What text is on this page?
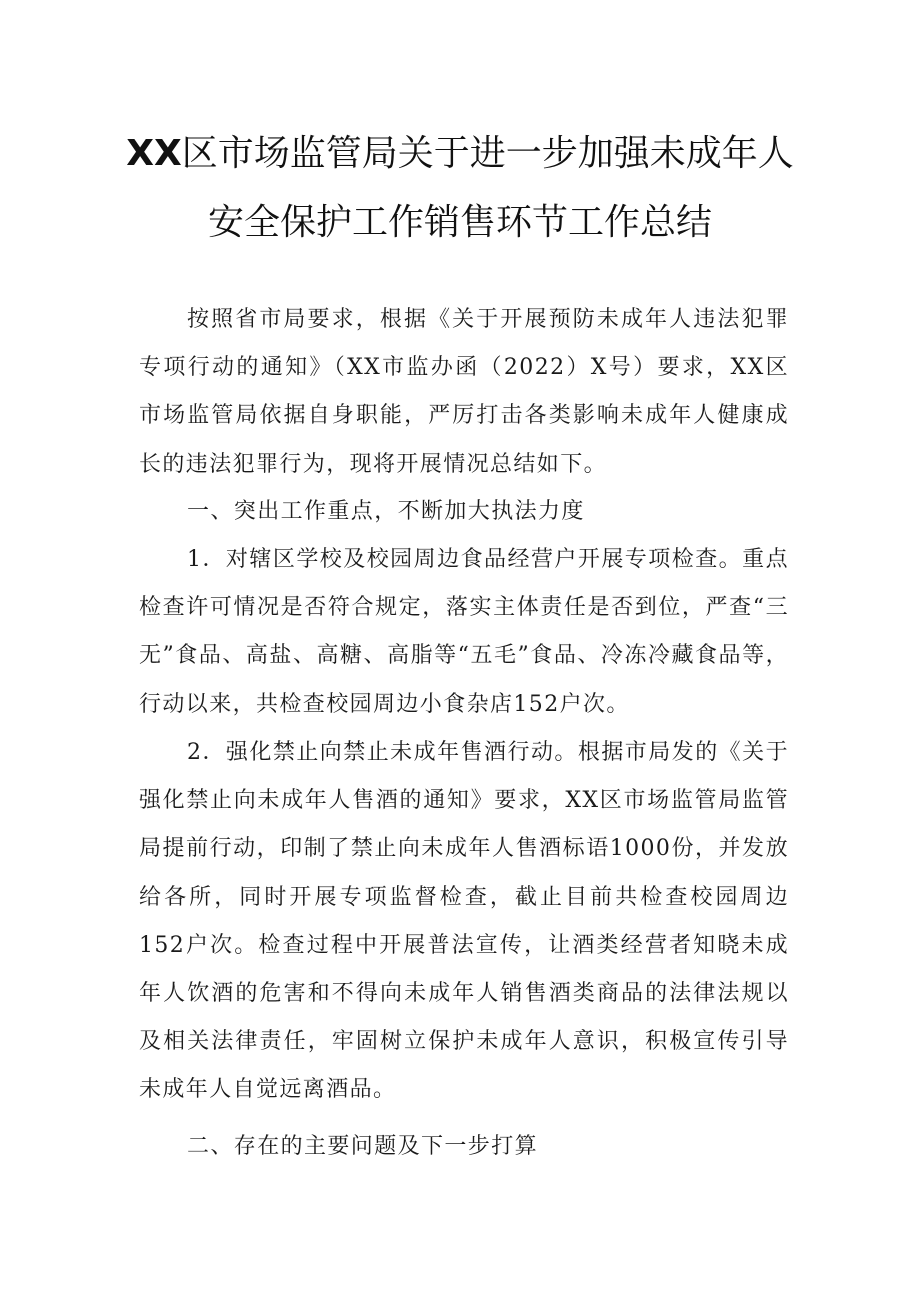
XX区市场监管局关于进一步加强未成年人
安全保护工作销售环节工作总结

按照省市局要求，根据《关于开展预防未成年人违法犯罪专项行动的通知》（XX市监办函（2022）X号）要求，XX区市场监管局依据自身职能，严厉打击各类影响未成年人健康成长的违法犯罪行为，现将开展情况总结如下。

一、突出工作重点，不断加大执法力度

1．对辖区学校及校园周边食品经营户开展专项检查。重点检查许可情况是否符合规定，落实主体责任是否到位，严查“三无”食品、高盐、高糖、高脂等“五毛”食品、冷冻冷藏食品等，行动以来，共检查校园周边小食杂店152户次。

2．强化禁止向禁止未成年售酒行动。根据市局发的《关于强化禁止向未成年人售酒的通知》要求，XX区市场监管局监管局提前行动，印制了禁止向未成年人售酒标语1000份，并发放给各所，同时开展专项监督检查，截止目前共检查校园周边152户次。检查过程中开展普法宣传，让酒类经营者知晓未成年人饮酒的危害和不得向未成年人销售酒类商品的法律法规以及相关法律责任，牢固树立保护未成年人意识，积极宣传引导未成年人自觉远离酒品。

二、存在的主要问题及下一步打算
